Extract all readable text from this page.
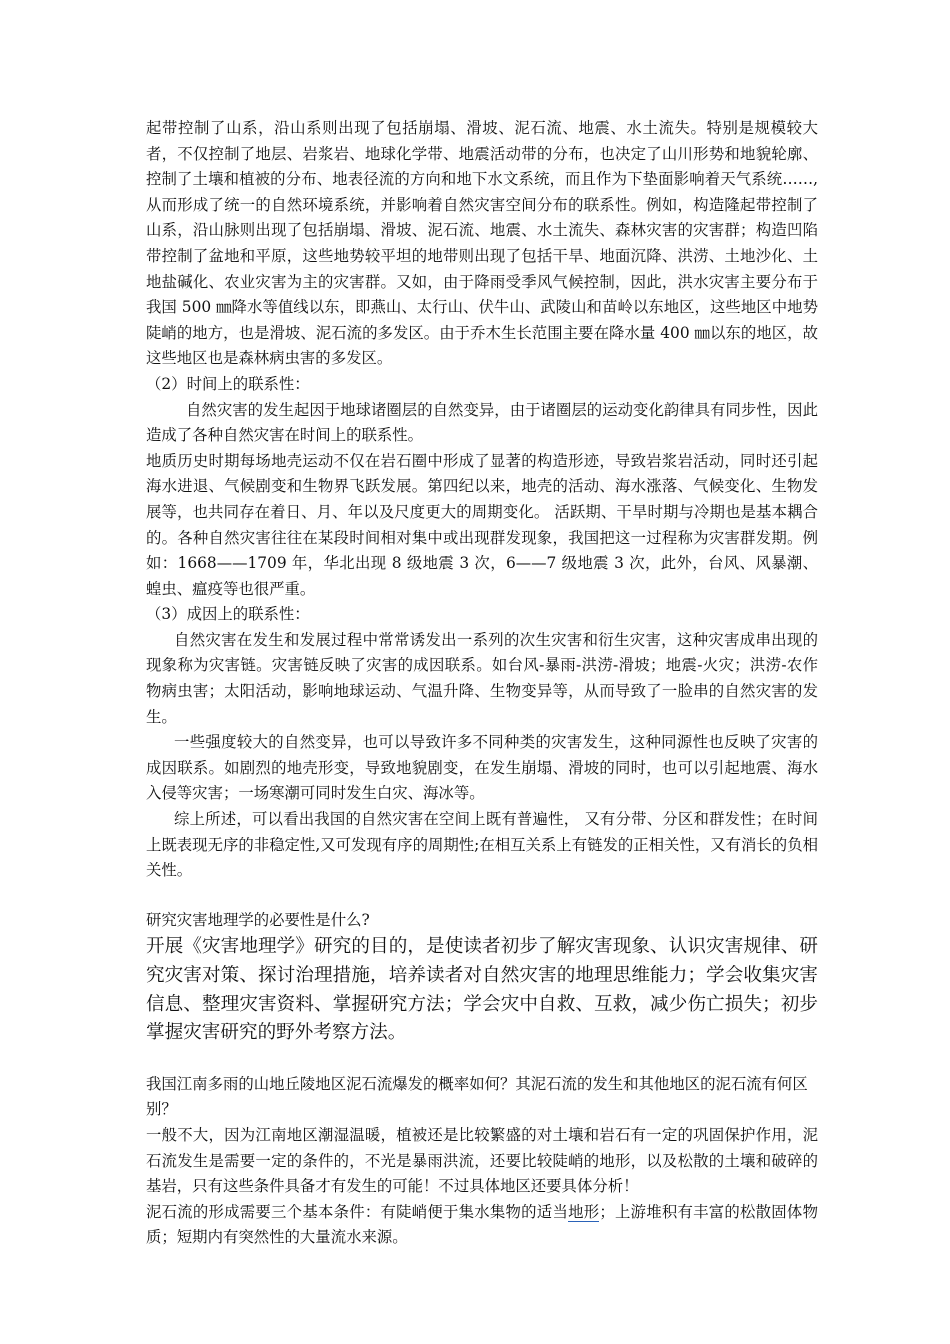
起带控制了山系，沿山系则出现了包括崩塌、滑坡、泥石流、地震、水土流失。特别是规模较大者，不仅控制了地层、岩浆岩、地球化学带、地震活动带的分布，也决定了山川形势和地貌轮廓、控制了土壤和植被的分布、地表径流的方向和地下水文系统，而且作为下垫面影响着天气系统……,从而形成了统一的自然环境系统，并影响着自然灾害空间分布的联系性。例如，构造隆起带控制了山系，沿山脉则出现了包括崩塌、滑坡、泥石流、地震、水土流失、森林灾害的灾害群；构造凹陷带控制了盆地和平原，这些地势较平坦的地带则出现了包括干旱、地面沉降、洪涝、土地沙化、土地盐碱化、农业灾害为主的灾害群。又如，由于降雨受季风气候控制，因此，洪水灾害主要分布于我国 500 ㎜降水等值线以东，即燕山、太行山、伏牛山、武陵山和苗岭以东地区，这些地区中地势陡峭的地方，也是滑坡、泥石流的多发区。由于乔木生长范围主要在降水量 400 ㎜以东的地区，故这些地区也是森林病虫害的多发区。

（2）时间上的联系性：

自然灾害的发生起因于地球诸圈层的自然变异，由于诸圈层的运动变化韵律具有同步性，因此造成了各种自然灾害在时间上的联系性。

地质历史时期每场地壳运动不仅在岩石圈中形成了显著的构造形迹，导致岩浆岩活动，同时还引起海水进退、气候剧变和生物界飞跃发展。第四纪以来，地壳的活动、海水涨落、气候变化、生物发展等，也共同存在着日、月、年以及尺度更大的周期变化。 活跃期、干旱时期与冷期也是基本耦合的。各种自然灾害往往在某段时间相对集中或出现群发现象，我国把这一过程称为灾害群发期。例如：1668——1709 年，华北出现 8 级地震 3 次，6——7 级地震 3 次，此外，台风、风暴潮、蝗虫、瘟疫等也很严重。

（3）成因上的联系性：

自然灾害在发生和发展过程中常常诱发出一系列的次生灾害和衍生灾害，这种灾害成串出现的现象称为灾害链。灾害链反映了灾害的成因联系。如台风-暴雨-洪涝-滑坡；地震-火灾；洪涝-农作物病虫害；太阳活动，影响地球运动、气温升降、生物变异等，从而导致了一脸串的自然灾害的发生。

一些强度较大的自然变异，也可以导致许多不同种类的灾害发生，这种同源性也反映了灾害的成因联系。如剧烈的地壳形变，导致地貌剧变，在发生崩塌、滑坡的同时，也可以引起地震、海水入侵等灾害；一场寒潮可同时发生白灾、海冰等。

综上所述，可以看出我国的自然灾害在空间上既有普遍性， 又有分带、分区和群发性；在时间上既表现无序的非稳定性,又可发现有序的周期性;在相互关系上有链发的正相关性，又有消长的负相关性。

研究灾害地理学的必要性是什么?

开展《灾害地理学》研究的目的，是使读者初步了解灾害现象、认识灾害规律、研究灾害对策、探讨治理措施，培养读者对自然灾害的地理思维能力；学会收集灾害信息、整理灾害资料、掌握研究方法；学会灾中自救、互救，减少伤亡损失；初步掌握灾害研究的野外考察方法。

我国江南多雨的山地丘陵地区泥石流爆发的概率如何？其泥石流的发生和其他地区的泥石流有何区别？

一般不大，因为江南地区潮湿温暖，植被还是比较繁盛的对土壤和岩石有一定的巩固保护作用，泥石流发生是需要一定的条件的，不光是暴雨洪流，还要比较陡峭的地形，以及松散的土壤和破碎的基岩，只有这些条件具备才有发生的可能！不过具体地区还要具体分析！

泥石流的形成需要三个基本条件：有陡峭便于集水集物的适当地形；上游堆积有丰富的松散固体物质；短期内有突然性的大量流水来源。
